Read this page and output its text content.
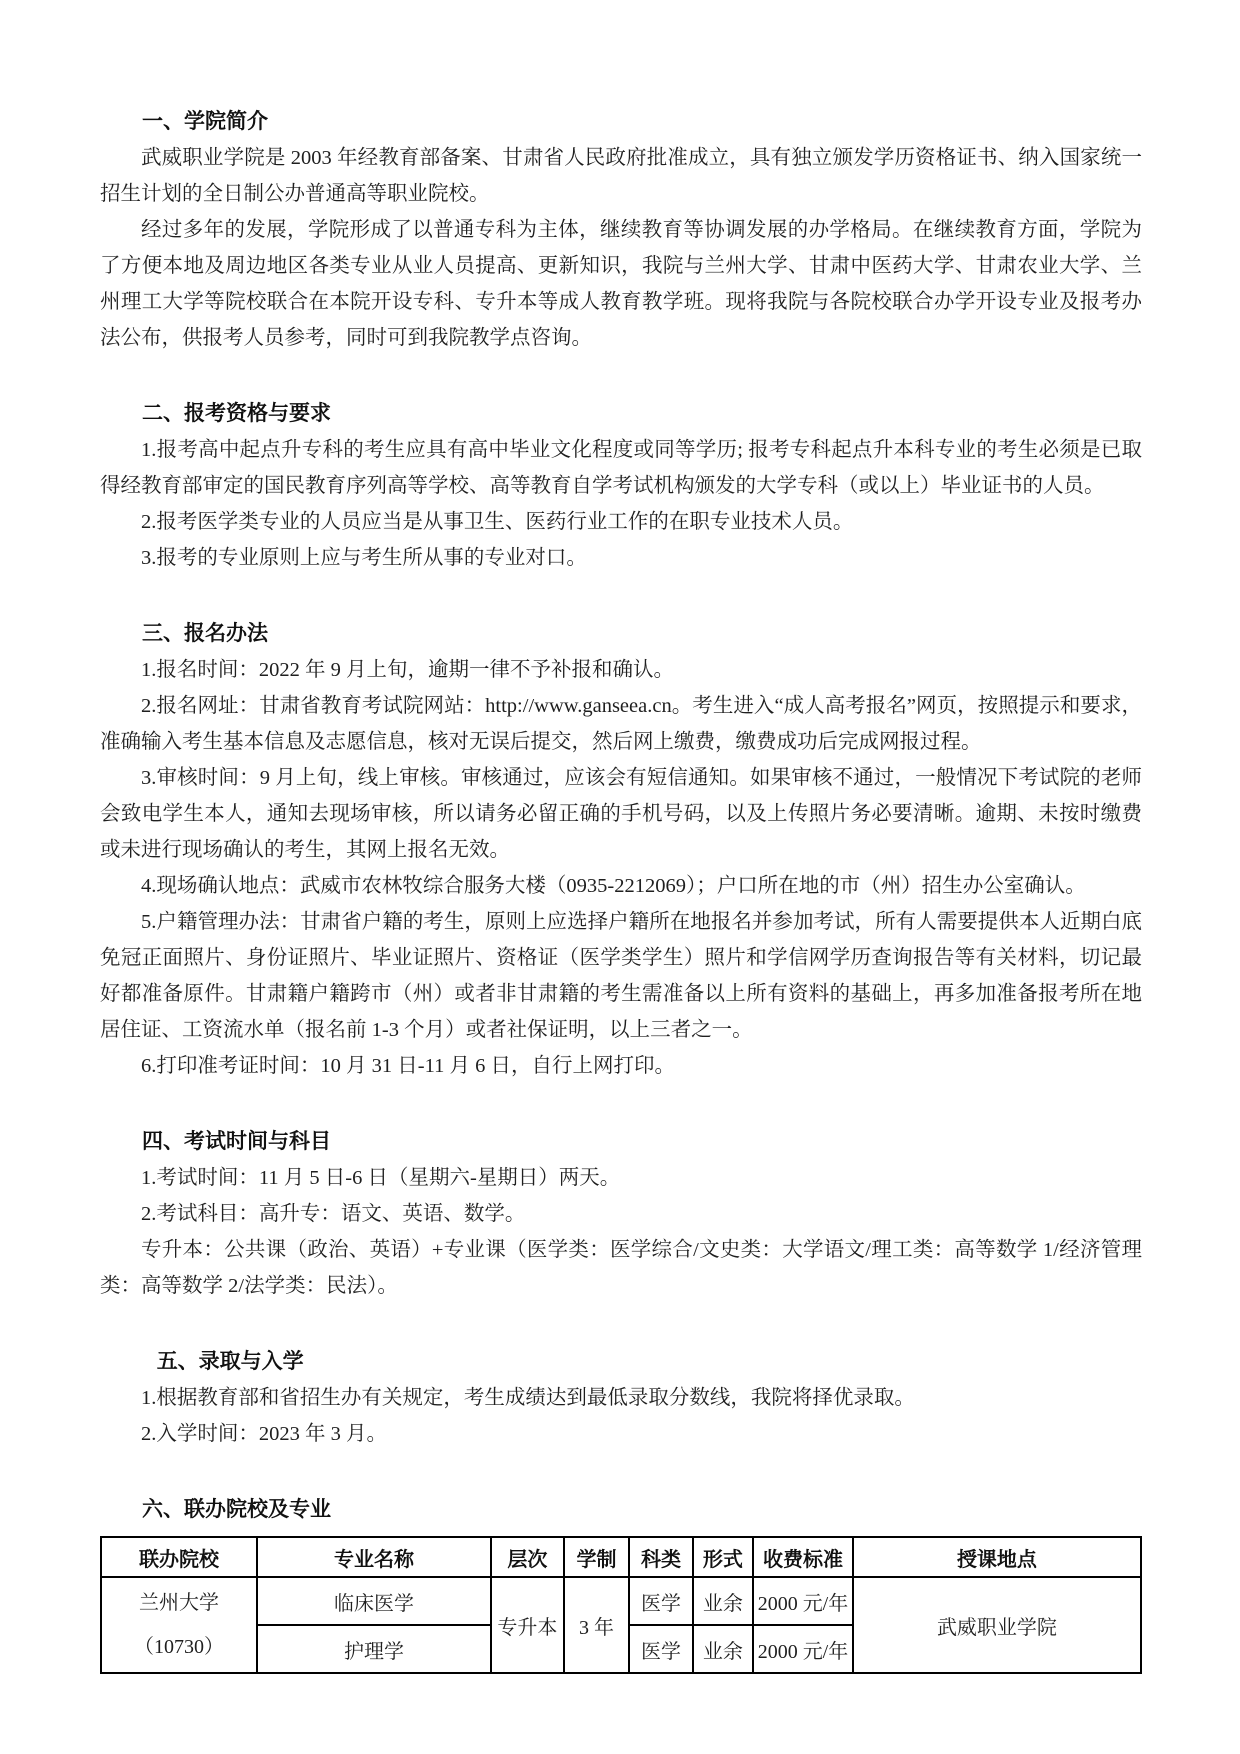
一、学院简介

武威职业学院是 2003 年经教育部备案、甘肃省人民政府批准成立，具有独立颁发学历资格证书、纳入国家统一招生计划的全日制公办普通高等职业院校。

经过多年的发展，学院形成了以普通专科为主体，继续教育等协调发展的办学格局。在继续教育方面，学院为了方便本地及周边地区各类专业从业人员提高、更新知识，我院与兰州大学、甘肃中医药大学、甘肃农业大学、兰州理工大学等院校联合在本院开设专科、专升本等成人教育教学班。现将我院与各院校联合办学开设专业及报考办法公布，供报考人员参考，同时可到我院教学点咨询。

二、报考资格与要求

1.报考高中起点升专科的考生应具有高中毕业文化程度或同等学历; 报考专科起点升本科专业的考生必须是已取得经教育部审定的国民教育序列高等学校、高等教育自学考试机构颁发的大学专科（或以上）毕业证书的人员。

2.报考医学类专业的人员应当是从事卫生、医药行业工作的在职专业技术人员。

3.报考的专业原则上应与考生所从事的专业对口。

三、报名办法

1.报名时间：2022 年 9 月上旬，逾期一律不予补报和确认。

2.报名网址：甘肃省教育考试院网站：http://www.ganseea.cn。考生进入“成人高考报名”网页，按照提示和要求，准确输入考生基本信息及志愿信息，核对无误后提交，然后网上缴费，缴费成功后完成网报过程。

3.审核时间：9 月上旬，线上审核。审核通过，应该会有短信通知。如果审核不通过，一般情况下考试院的老师会致电学生本人，通知去现场审核，所以请务必留正确的手机号码，以及上传照片务必要清晰。逾期、未按时缴费或未进行现场确认的考生，其网上报名无效。

4.现场确认地点：武威市农林牧综合服务大楼（0935-2212069）；户口所在地的市（州）招生办公室确认。

5.户籍管理办法：甘肃省户籍的考生，原则上应选择户籍所在地报名并参加考试，所有人需要提供本人近期白底免冠正面照片、身份证照片、毕业证照片、资格证（医学类学生）照片和学信网学历查询报告等有关材料，切记最好都准备原件。甘肃籍户籍跨市（州）或者非甘肃籍的考生需准备以上所有资料的基础上，再多加准备报考所在地居住证、工资流水单（报名前 1-3 个月）或者社保证明，以上三者之一。

6.打印准考证时间：10 月 31 日-11 月 6 日，自行上网打印。

四、考试时间与科目

1.考试时间：11 月 5 日-6 日（星期六-星期日）两天。

2.考试科目：高升专：语文、英语、数学。

专升本：公共课（政治、英语）+专业课（医学类：医学综合/文史类：大学语文/理工类：高等数学 1/经济管理类：高等数学 2/法学类：民法）。

五、录取与入学

1.根据教育部和省招生办有关规定，考生成绩达到最低录取分数线，我院将择优录取。

2.入学时间：2023 年 3 月。

六、联办院校及专业
联办院校	专业名称	层次	学制	科类	形式	收费标准	授课地点

兰州大学
（10730）	临床医学	专升本	3 年	医学	业余	2000 元/年	武威职业学院
	护理学			医学	业余	2000 元/年	
